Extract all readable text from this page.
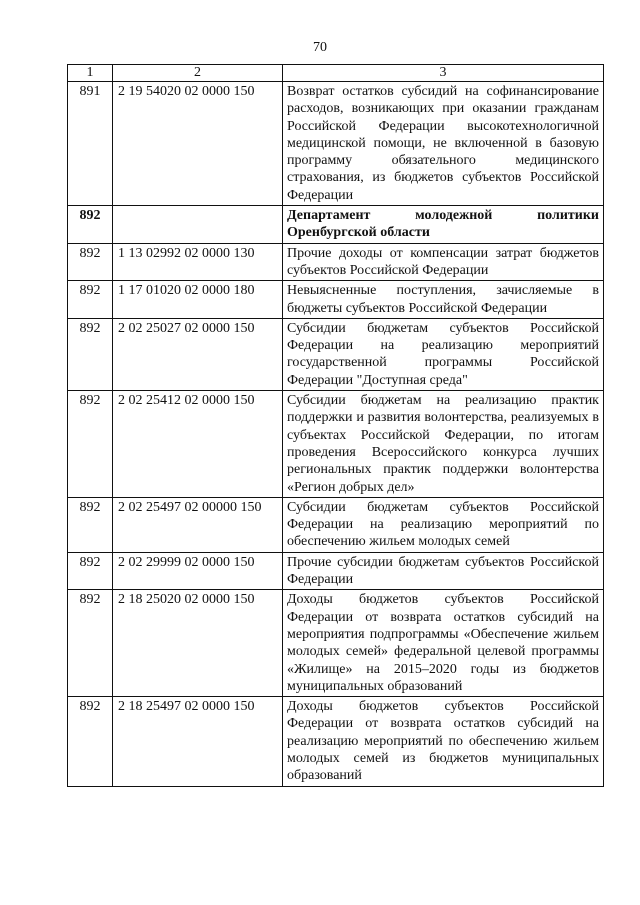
70
1	2	3
891	2 19 54020 02 0000 150	Возврат остатков субсидий на софинансирование расходов, возникающих при оказании гражданам Российской Федерации высокотехнологичной медицинской помощи, не включенной в базовую программу обязательного медицинского страхования, из бюджетов субъектов Российской Федерации
892		Департамент молодежной политики Оренбургской области
892	1 13 02992 02 0000 130	Прочие доходы от компенсации затрат бюджетов субъектов Российской Федерации
892	1 17 01020 02 0000 180	Невыясненные поступления, зачисляемые в бюджеты субъектов Российской Федерации
892	2 02 25027 02 0000 150	Субсидии бюджетам субъектов Российской Федерации на реализацию мероприятий государственной программы Российской Федерации "Доступная среда"
892	2 02 25412 02 0000 150	Субсидии бюджетам на реализацию практик поддержки и развития волонтерства, реализуемых в субъектах Российской Федерации, по итогам проведения Всероссийского конкурса лучших региональных практик поддержки волонтерства «Регион добрых дел»
892	2 02 25497 02 00000 150	Субсидии бюджетам субъектов Российской Федерации на реализацию мероприятий по обеспечению жильем молодых семей
892	2 02 29999 02 0000 150	Прочие субсидии бюджетам субъектов Российской Федерации
892	2 18 25020 02 0000 150	Доходы бюджетов субъектов Российской Федерации от возврата остатков субсидий на мероприятия подпрограммы «Обеспечение жильем молодых семей» федеральной целевой программы «Жилище» на 2015–2020 годы из бюджетов муниципальных образований
892	2 18 25497 02 0000 150	Доходы бюджетов субъектов Российской Федерации от возврата остатков субсидий на реализацию мероприятий по обеспечению жильем молодых семей из бюджетов муниципальных образований
